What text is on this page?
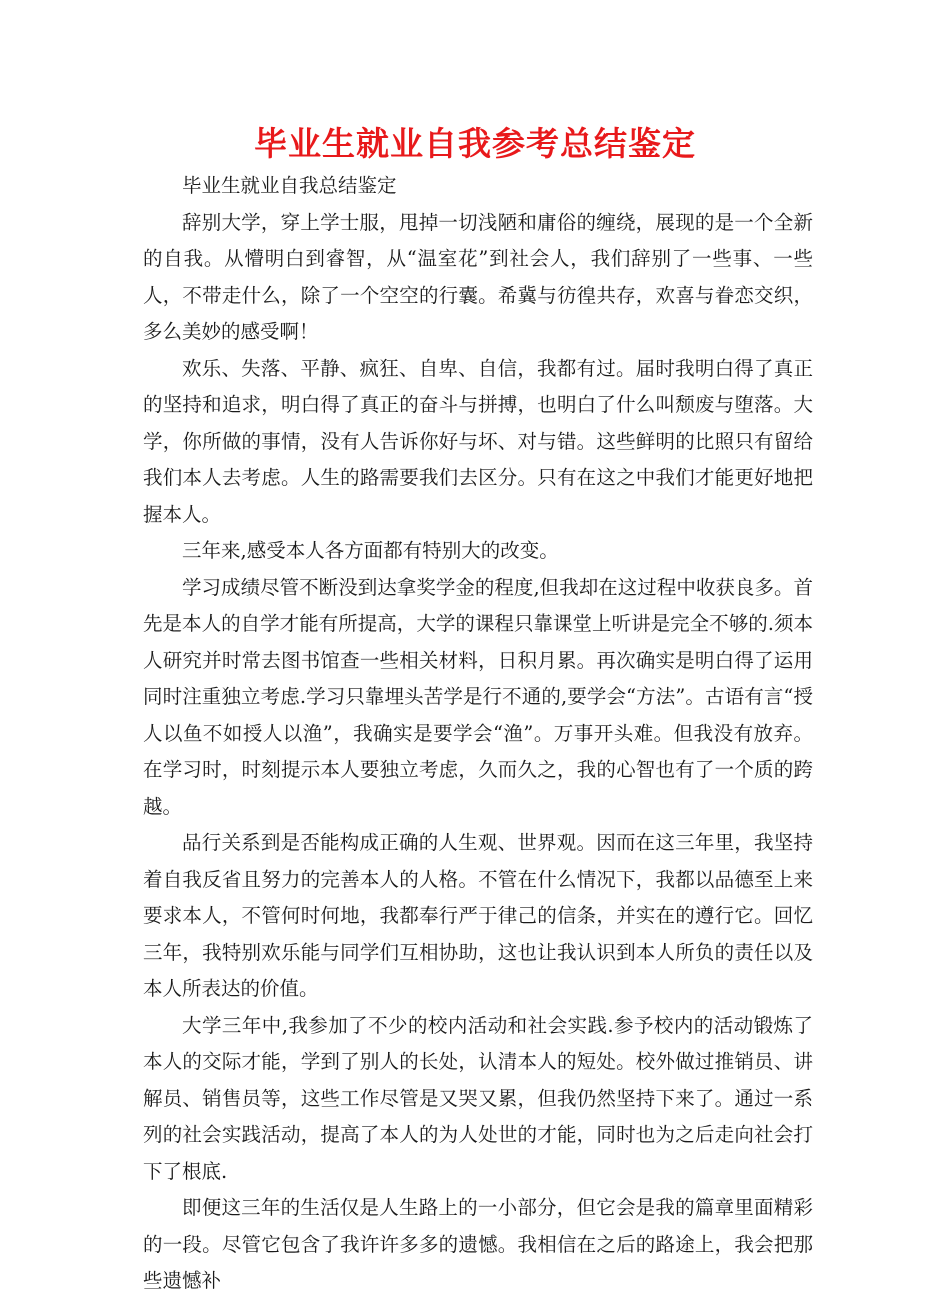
毕业生就业自我参考总结鉴定

毕业生就业自我总结鉴定

辞别大学，穿上学士服，甩掉一切浅陋和庸俗的缠绕，展现的是一个全新的自我。从懵明白到睿智，从“温室花”到社会人，我们辞别了一些事、一些人，不带走什么，除了一个空空的行囊。希冀与彷徨共存，欢喜与眷恋交织，多么美妙的感受啊！

欢乐、失落、平静、疯狂、自卑、自信，我都有过。届时我明白得了真正的坚持和追求，明白得了真正的奋斗与拼搏，也明白了什么叫颓废与堕落。大学，你所做的事情，没有人告诉你好与坏、对与错。这些鲜明的比照只有留给我们本人去考虑。人生的路需要我们去区分。只有在这之中我们才能更好地把握本人。

三年来,感受本人各方面都有特别大的改变。

学习成绩尽管不断没到达拿奖学金的程度,但我却在这过程中收获良多。首先是本人的自学才能有所提高，大学的课程只靠课堂上听讲是完全不够的.须本人研究并时常去图书馆查一些相关材料，日积月累。再次确实是明白得了运用同时注重独立考虑.学习只靠埋头苦学是行不通的,要学会“方法”。古语有言“授人以鱼不如授人以渔”，我确实是要学会“渔”。万事开头难。但我没有放弃。在学习时，时刻提示本人要独立考虑，久而久之，我的心智也有了一个质的跨越。

品行关系到是否能构成正确的人生观、世界观。因而在这三年里，我坚持着自我反省且努力的完善本人的人格。不管在什么情况下，我都以品德至上来要求本人，不管何时何地，我都奉行严于律己的信条，并实在的遵行它。回忆三年，我特别欢乐能与同学们互相协助，这也让我认识到本人所负的责任以及本人所表达的价值。

大学三年中,我参加了不少的校内活动和社会实践.参予校内的活动锻炼了本人的交际才能，学到了别人的长处，认清本人的短处。校外做过推销员、讲解员、销售员等，这些工作尽管是又哭又累，但我仍然坚持下来了。通过一系列的社会实践活动，提高了本人的为人处世的才能，同时也为之后走向社会打下了根底.

即便这三年的生活仅是人生路上的一小部分，但它会是我的篇章里面精彩的一段。尽管它包含了我许许多多的遗憾。我相信在之后的路途上，我会把那些遗憾补
